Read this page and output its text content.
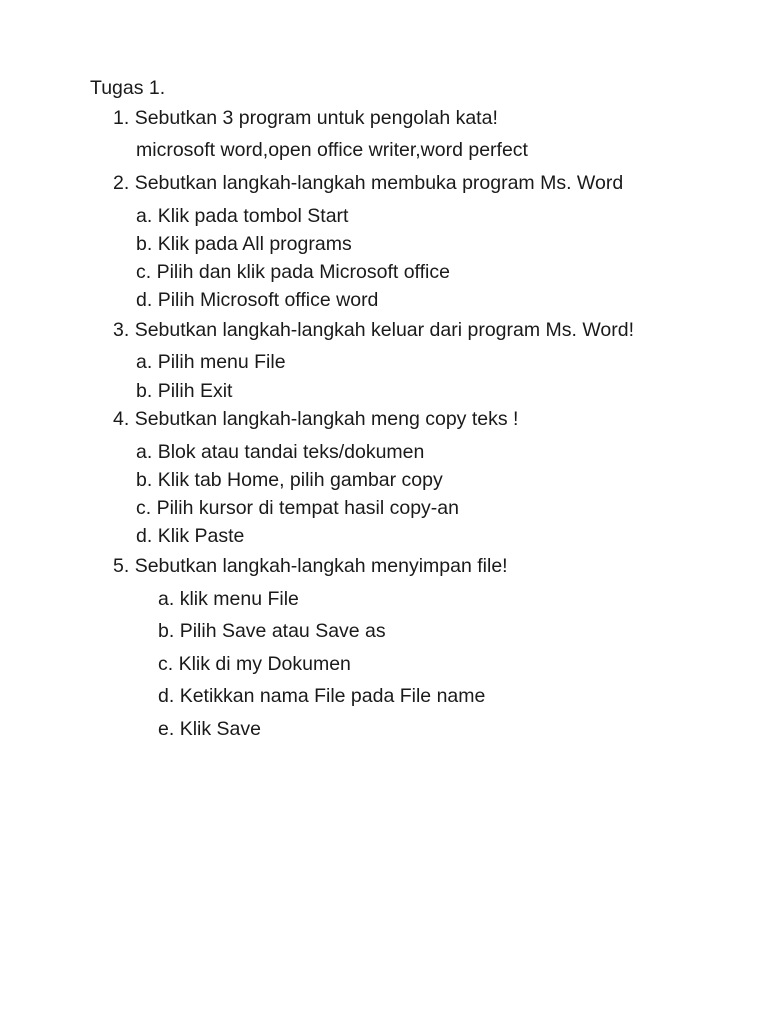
Tugas 1.
1. Sebutkan 3 program untuk pengolah kata!
microsoft word,open office writer,word perfect
2. Sebutkan langkah-langkah membuka program Ms. Word
a. Klik pada tombol Start
b. Klik pada All programs
c. Pilih dan klik pada Microsoft office
d. Pilih Microsoft office word
3. Sebutkan langkah-langkah keluar dari program Ms. Word!
a. Pilih menu File
b. Pilih Exit
4. Sebutkan langkah-langkah meng copy teks !
a. Blok atau tandai teks/dokumen
b. Klik tab Home, pilih gambar copy
c. Pilih kursor di tempat hasil copy-an
d. Klik Paste
5. Sebutkan langkah-langkah menyimpan file!
a. klik menu File
b. Pilih Save atau Save as
c. Klik di my Dokumen
d. Ketikkan nama File pada File name
e. Klik Save
